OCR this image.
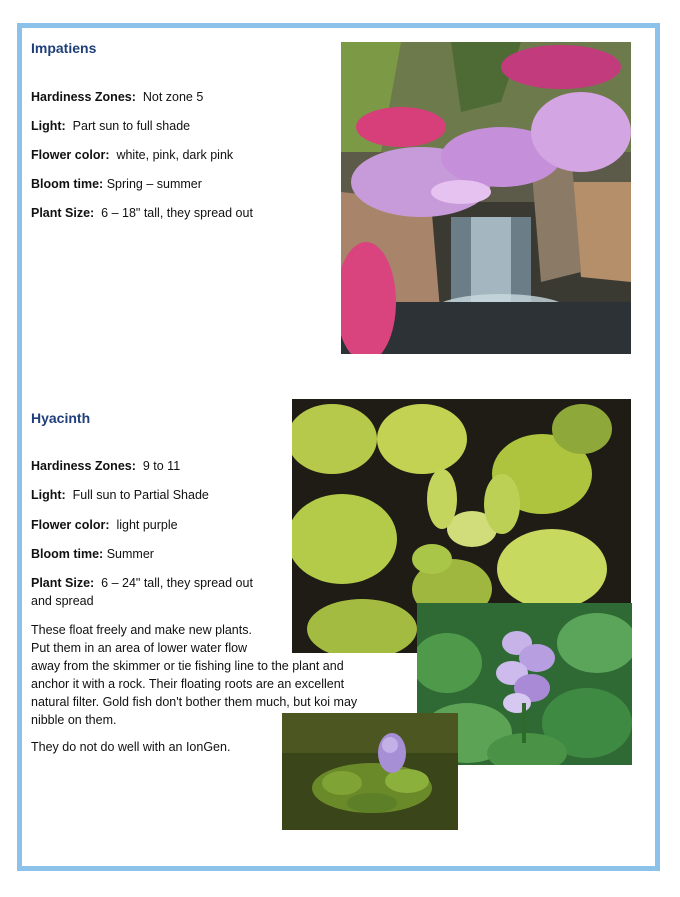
Impatiens
Hardiness Zones: Not zone 5
Light: Part sun to full shade
Flower color: white, pink, dark pink
Bloom time: Spring – summer
Plant Size: 6 – 18" tall, they spread out
Hyacinth
Hardiness Zones: 9 to 11
Light: Full sun to Partial Shade
Flower color: light purple
Bloom time: Summer
Plant Size: 6 – 24" tall, they spread out
and spread
These float freely and make new plants.
Put them in an area of lower water flow
away from the skimmer or tie fishing line to the plant and
anchor it with a rock. Their floating roots are an excellent
natural filter. Gold fish don't bother them much, but koi may
nibble on them.
They do not do well with an IonGen.
